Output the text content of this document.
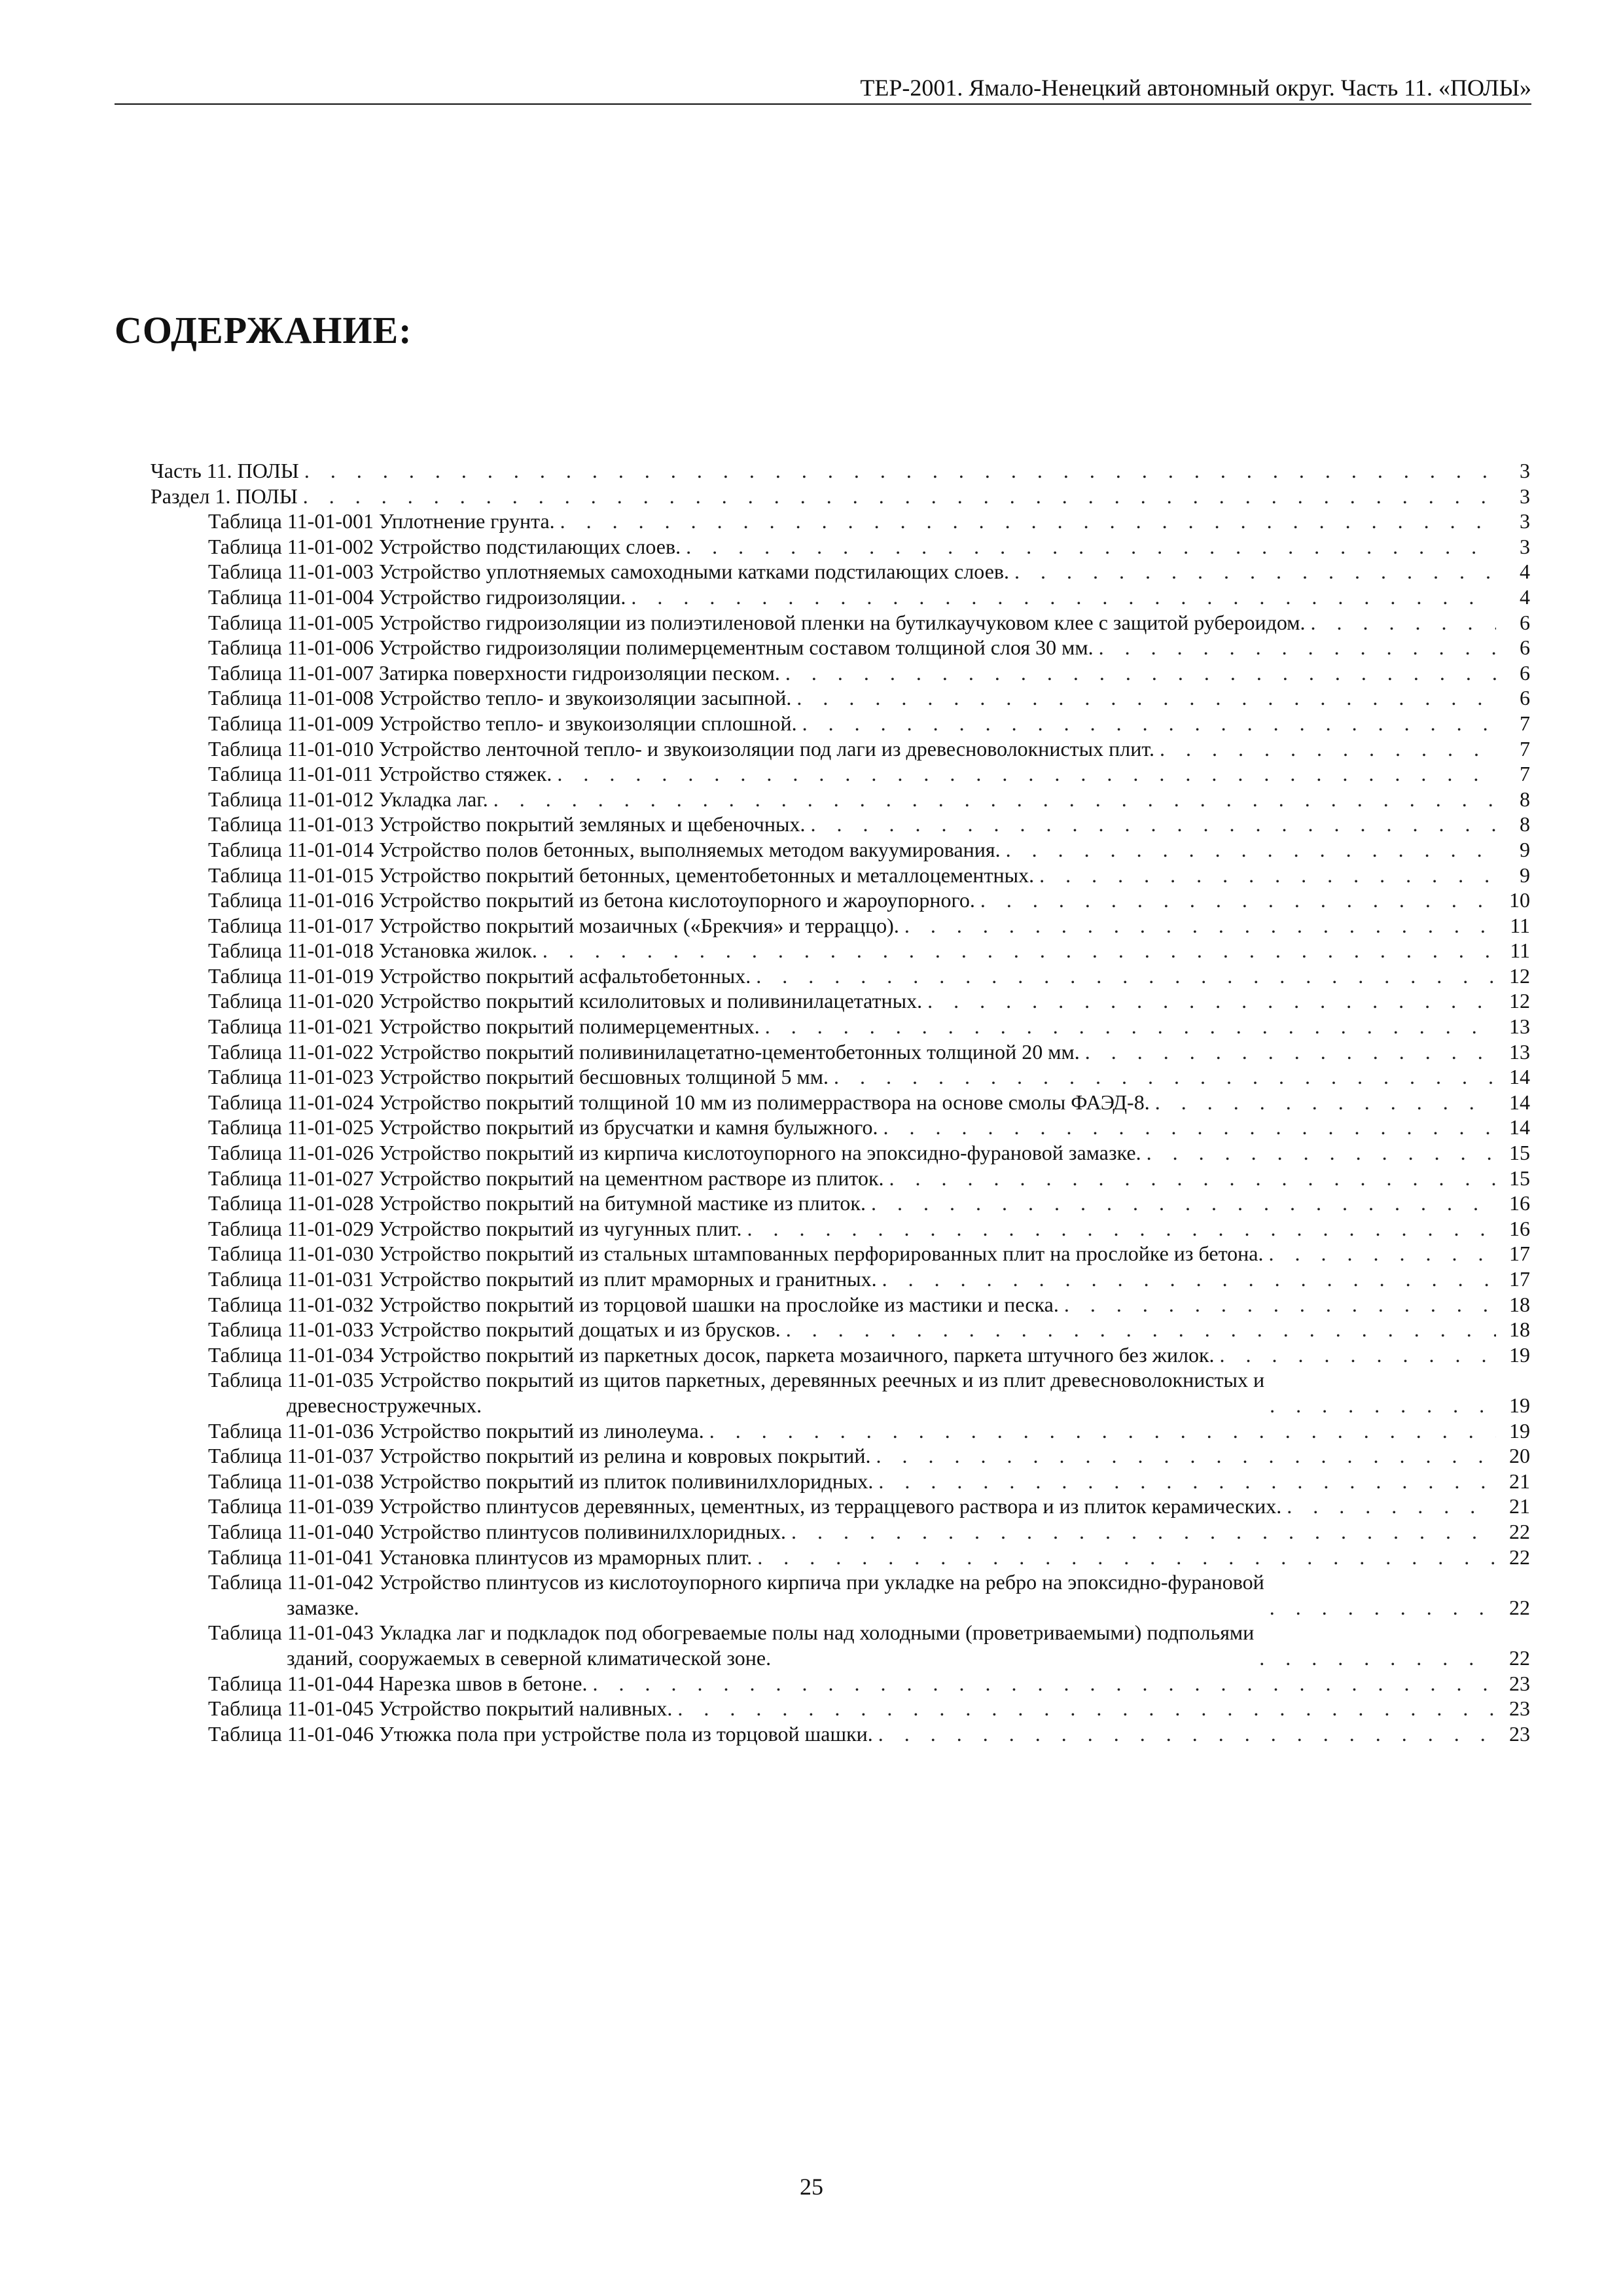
ТЕР-2001. Ямало-Ненецкий автономный округ. Часть 11. «ПОЛЫ»
СОДЕРЖАНИЕ:
Часть 11. ПОЛЫ . . .	3
Раздел 1. ПОЛЫ . . .	3
Таблица 11-01-001 Уплотнение грунта. . . .	3
Таблица 11-01-002 Устройство подстилающих слоев. . . .	3
Таблица 11-01-003 Устройство уплотняемых самоходными катками подстилающих слоев. . . .	4
Таблица 11-01-004 Устройство гидроизоляции. . . .	4
Таблица 11-01-005 Устройство гидроизоляции из полиэтиленовой пленки на бутилкаучуковом клее с защитой рубероидом. . . .	6
Таблица 11-01-006 Устройство гидроизоляции полимерцементным составом толщиной слоя 30 мм. . . .	6
Таблица 11-01-007 Затирка поверхности гидроизоляции песком. . . .	6
Таблица 11-01-008 Устройство тепло- и звукоизоляции засыпной. . . .	6
Таблица 11-01-009 Устройство тепло- и звукоизоляции сплошной. . . .	7
Таблица 11-01-010 Устройство ленточной тепло- и звукоизоляции под лаги из древесноволокнистых плит. . . .	7
Таблица 11-01-011 Устройство стяжек. . . .	7
Таблица 11-01-012 Укладка лаг. . . .	8
Таблица 11-01-013 Устройство покрытий земляных и щебеночных. . . .	8
Таблица 11-01-014 Устройство полов бетонных, выполняемых методом вакуумирования. . . .	9
Таблица 11-01-015 Устройство покрытий бетонных, цементобетонных и металлоцементных. . . .	9
Таблица 11-01-016 Устройство покрытий из бетона кислотоупорного и жароупорного. . . .	10
Таблица 11-01-017 Устройство покрытий мозаичных («Брекчия» и терраццо). . . .	11
Таблица 11-01-018 Установка жилок. . . .	11
Таблица 11-01-019 Устройство покрытий асфальтобетонных. . . .	12
Таблица 11-01-020 Устройство покрытий ксилолитовых и поливинилацетатных. . . .	12
Таблица 11-01-021 Устройство покрытий полимерцементных. . . .	13
Таблица 11-01-022 Устройство покрытий поливинилацетатно-цементобетонных толщиной 20 мм. . . .	13
Таблица 11-01-023 Устройство покрытий бесшовных толщиной 5 мм. . . .	14
Таблица 11-01-024 Устройство покрытий толщиной 10 мм из полимерраствора на основе смолы ФАЭД-8. . . .	14
Таблица 11-01-025 Устройство покрытий из брусчатки и камня булыжного. . . .	14
Таблица 11-01-026 Устройство покрытий из кирпича кислотоупорного на эпоксидно-фурановой замазке. . . .	15
Таблица 11-01-027 Устройство покрытий на цементном растворе из плиток. . . .	15
Таблица 11-01-028 Устройство покрытий на битумной мастике из плиток. . . .	16
Таблица 11-01-029 Устройство покрытий из чугунных плит. . . .	16
Таблица 11-01-030 Устройство покрытий из стальных штампованных перфорированных плит на прослойке из бетона. . . .	17
Таблица 11-01-031 Устройство покрытий из плит мраморных и гранитных. . . .	17
Таблица 11-01-032 Устройство покрытий из торцовой шашки на прослойке из мастики и песка. . . .	18
Таблица 11-01-033 Устройство покрытий дощатых и из брусков. . . .	18
Таблица 11-01-034 Устройство покрытий из паркетных досок, паркета мозаичного, паркета штучного без жилок. . . .	19
Таблица 11-01-035 Устройство покрытий из щитов паркетных, деревянных реечных и из плит древесноволокнистых и
древесностружечных. . . .	19
Таблица 11-01-036 Устройство покрытий из линолеума. . . .	19
Таблица 11-01-037 Устройство покрытий из релина и ковровых покрытий. . . .	20
Таблица 11-01-038 Устройство покрытий из плиток поливинилхлоридных. . . .	21
Таблица 11-01-039 Устройство плинтусов деревянных, цементных, из терраццевого раствора и из плиток керамических. . . .	21
Таблица 11-01-040 Устройство плинтусов поливинилхлоридных. . . .	22
Таблица 11-01-041 Установка плинтусов из мраморных плит. . . .	22
Таблица 11-01-042 Устройство плинтусов из кислотоупорного кирпича при укладке на ребро на эпоксидно-фурановой
замазке. . . .	22
Таблица 11-01-043 Укладка лаг и подкладок под обогреваемые полы над холодными (проветриваемыми) подпольями
зданий, сооружаемых в северной климатической зоне. . . .	22
Таблица 11-01-044 Нарезка швов в бетоне. . . .	23
Таблица 11-01-045 Устройство покрытий наливных. . . .	23
Таблица 11-01-046 Утюжка пола при устройстве пола из торцовой шашки. . . .	23
25
